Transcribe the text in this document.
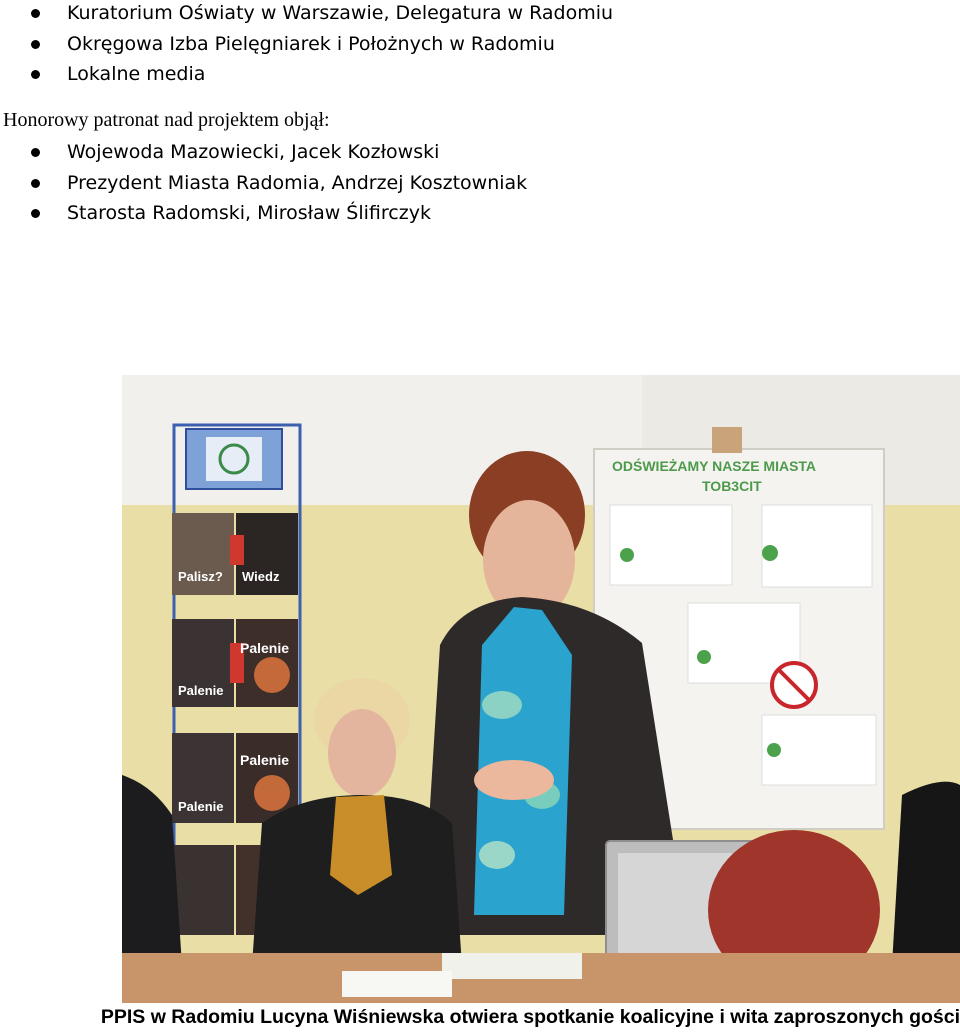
Kuratorium Oświaty w Warszawie, Delegatura w Radomiu
Okręgowa Izba Pielęgniarek i Położnych w Radomiu
Lokalne media
Honorowy patronat nad projektem objął:
Wojewoda Mazowiecki, Jacek Kozłowski
Prezydent Miasta Radomia, Andrzej Kosztowniak
Starosta Radomski, Mirosław Ślifirczyk
Palisz? Wiedz
Palenie
Palenie
Palenie
Palenie
ODŚWIEŻAMY NASZE MIASTA
TOB3CIT
PPIS w Radomiu Lucyna Wiśniewska otwiera spotkanie koalicyjne i wita zaproszonych gości
